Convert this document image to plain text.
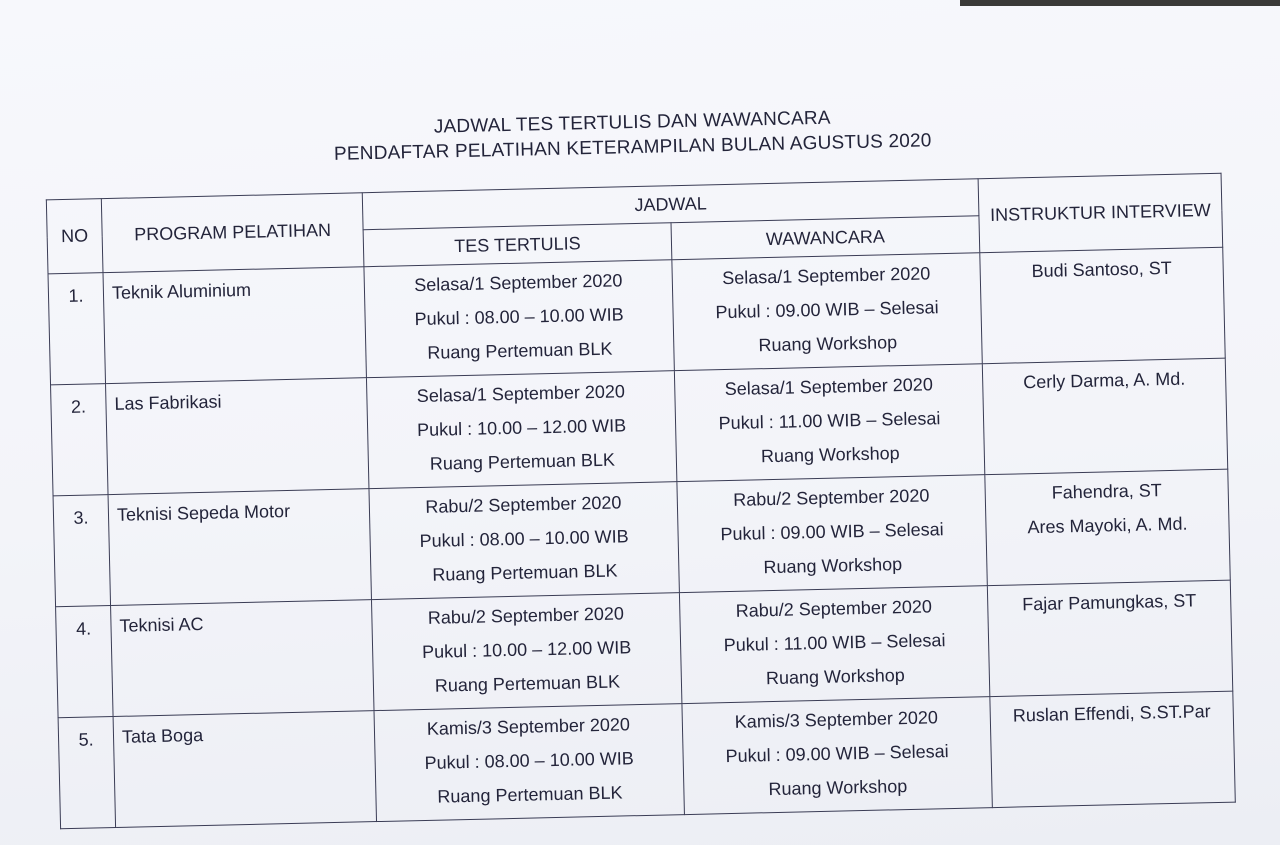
JADWAL TES TERTULIS DAN WAWANCARA
PENDAFTAR PELATIHAN KETERAMPILAN BULAN AGUSTUS 2020
NO	PROGRAM PELATIHAN	JADWAL		INSTRUKTUR INTERVIEW
		TES TERTULIS	WAWANCARA	
1.	Teknik Aluminium	Selasa/1 September 2020
Pukul : 08.00 – 10.00 WIB
Ruang Pertemuan BLK	Selasa/1 September 2020
Pukul : 09.00 WIB – Selesai
Ruang Workshop	Budi Santoso, ST

2.	Las Fabrikasi	Selasa/1 September 2020
Pukul : 10.00 – 12.00 WIB
Ruang Pertemuan BLK	Selasa/1 September 2020
Pukul : 11.00 WIB – Selesai
Ruang Workshop	Cerly Darma, A. Md.

3.	Teknisi Sepeda Motor	Rabu/2 September 2020
Pukul : 08.00 – 10.00 WIB
Ruang Pertemuan BLK	Rabu/2 September 2020
Pukul : 09.00 WIB – Selesai
Ruang Workshop	Fahendra, ST
Ares Mayoki, A. Md.

4.	Teknisi AC	Rabu/2 September 2020
Pukul : 10.00 – 12.00 WIB
Ruang Pertemuan BLK	Rabu/2 September 2020
Pukul : 11.00 WIB – Selesai
Ruang Workshop	Fajar Pamungkas, ST

5.	Tata Boga	Kamis/3 September 2020
Pukul : 08.00 – 10.00 WIB
Ruang Pertemuan BLK	Kamis/3 September 2020
Pukul : 09.00 WIB – Selesai
Ruang Workshop	Ruslan Effendi, S.ST.Par
